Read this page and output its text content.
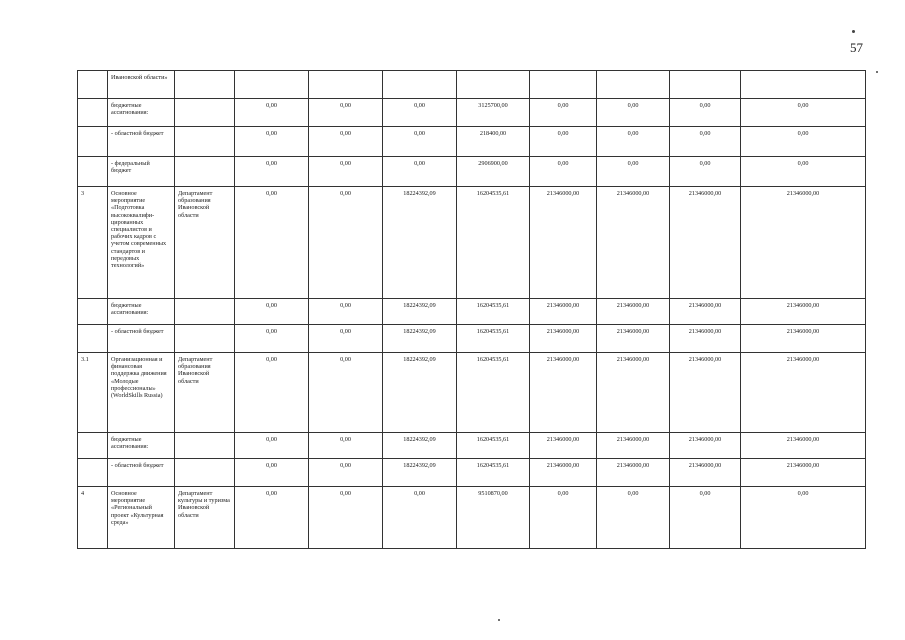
57
	Ивановской области»									
	бюджетные ассигнования:		0,00	0,00	0,00	3125700,00	0,00	0,00	0,00	0,00
	- областной бюджет		0,00	0,00	0,00	218400,00	0,00	0,00	0,00	0,00
	- федеральный бюджет		0,00	0,00	0,00	2906900,00	0,00	0,00	0,00	0,00
3	Основное мероприятие «Подготовка высококвалифи-цированных специалистов и рабочих кадров с учетом современных стандартов и передовых технологий»	Департамент образования Ивановской области	0,00	0,00	18224392,09	16204535,61	21346000,00	21346000,00	21346000,00	21346000,00
	бюджетные ассигнования:		0,00	0,00	18224392,09	16204535,61	21346000,00	21346000,00	21346000,00	21346000,00
	- областной бюджет		0,00	0,00	18224392,09	16204535,61	21346000,00	21346000,00	21346000,00	21346000,00
3.1	Организационная и финансовая поддержка движения «Молодые профессионалы» (WorldSkills Russia)	Департамент образования Ивановской области	0,00	0,00	18224392,09	16204535,61	21346000,00	21346000,00	21346000,00	21346000,00
	бюджетные ассигнования:		0,00	0,00	18224392,09	16204535,61	21346000,00	21346000,00	21346000,00	21346000,00
	- областной бюджет		0,00	0,00	18224392,09	16204535,61	21346000,00	21346000,00	21346000,00	21346000,00
4	Основное мероприятие «Региональный проект «Культурная среда»	Департамент культуры и туризма Ивановской области	0,00	0,00	0,00	9510870,00	0,00	0,00	0,00	0,00
